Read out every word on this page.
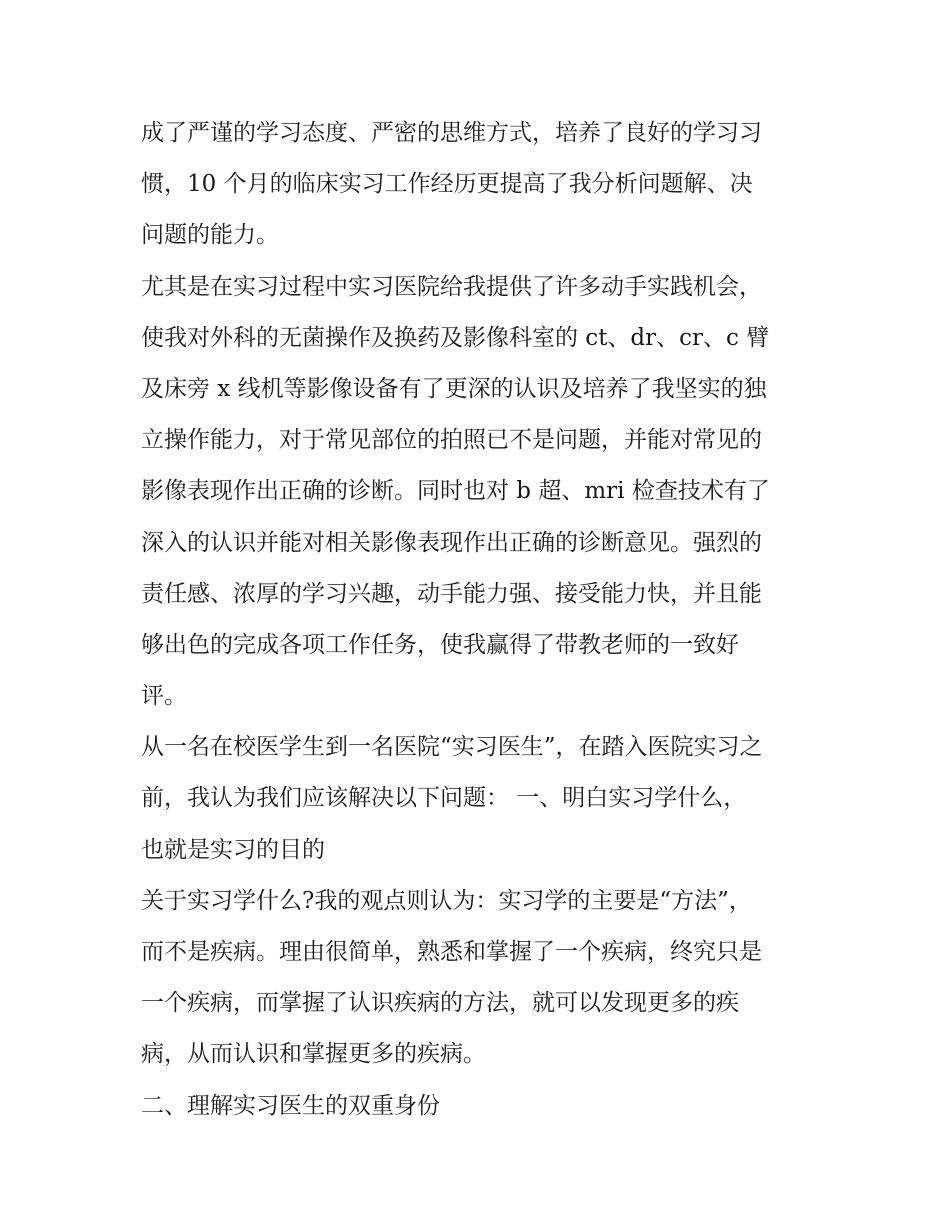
成了严谨的学习态度、严密的思维方式，培养了良好的学习习
惯，10 个月的临床实习工作经历更提高了我分析问题解、决
问题的能力。
尤其是在实习过程中实习医院给我提供了许多动手实践机会，
使我对外科的无菌操作及换药及影像科室的 ct、dr、cr、c 臂
及床旁 x 线机等影像设备有了更深的认识及培养了我坚实的独
立操作能力，对于常见部位的拍照已不是问题，并能对常见的
影像表现作出正确的诊断。同时也对 b 超、mri 检查技术有了
深入的认识并能对相关影像表现作出正确的诊断意见。强烈的
责任感、浓厚的学习兴趣，动手能力强、接受能力快，并且能
够出色的完成各项工作任务，使我赢得了带教老师的一致好
评。
从一名在校医学生到一名医院“实习医生”，在踏入医院实习之
前，我认为我们应该解决以下问题： 一、明白实习学什么，
也就是实习的目的
关于实习学什么?我的观点则认为：实习学的主要是“方法”，
而不是疾病。理由很简单，熟悉和掌握了一个疾病，终究只是
一个疾病，而掌握了认识疾病的方法，就可以发现更多的疾
病，从而认识和掌握更多的疾病。
二、理解实习医生的双重身份
